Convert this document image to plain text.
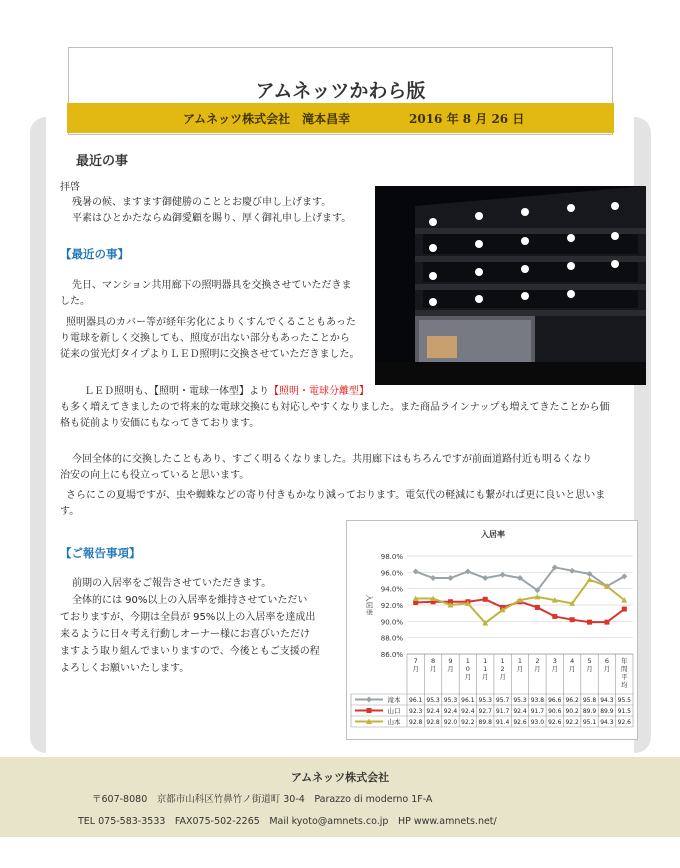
アムネッツかわら版
アムネッツ株式会社　滝本昌幸	2016 年 8 月 26 日
最近の事
拝啓
残暑の候、ますます御健勝のこととお慶び申し上げます。
平素はひとかたならぬ御愛顧を賜り、厚く御礼申し上げます。
【最近の事】
先日、マンション共用廊下の照明器具を交換させていただきま
した。
照明器具のカバー等が経年劣化によりくすんでくることもあった
り電球を新しく交換しても、照度が出ない部分もあったことから
従来の蛍光灯タイプよりＬＥＤ照明に交換させていただきました。
ＬＥＤ照明も、【照明・電球一体型】より【照明・電球分離型】
も多く増えてきましたので将来的な電球交換にも対応しやすくなりました。また商品ラインナップも増えてきたことから価
格も従前より安価にもなってきております。
今回全体的に交換したこともあり、すごく明るくなりました。共用廊下はもちろんですが前面道路付近も明るくなり
治安の向上にも役立っていると思います。
さらにこの夏場ですが、虫や蜘蛛などの寄り付きもかなり減っております。電気代の軽減にも繋がれば更に良いと思いま
す。
【ご報告事項】
前期の入居率をご報告させていただきます。
全体的には 90%以上の入居率を維持させていただい
ておりますが、今期は全員が 95%以上の入居率を達成出
来るように日々考え行動しオーナー様にお喜びいただけ
ますよう取り組んでまいりますので、今後ともご支援の程
よろしくお願いいたします。
入居率
入居率
98.0%
96.0%
94.0%
92.0%
90.0%
88.0%
86.0%
7
月
8
月
9
月
1
0
月
1
1
月
1
2
月
1
月
2
月
3
月
4
月
5
月
6
月
年
間
平
均
96.1 95.3 95.3 96.1 95.3 95.7 95.3 93.8 96.6 96.2 95.8 94.3 95.5
滝本
92.3 92.4 92.4 92.4 92.7 91.7 92.4 91.7 90.6 90.2 89.9 89.9 91.5
山口
92.8 92.8 92.0 92.2 89.8 91.4 92.6 93.0 92.6 92.2 95.1 94.3 92.6
山本
アムネッツ株式会社
〒607-8080　京都市山科区竹鼻竹ノ街道町 30-4　Parazzo di moderno 1F-A
TEL 075-583-3533　FAX075-502-2265　Mail kyoto@amnets.co.jp　HP www.amnets.net/
